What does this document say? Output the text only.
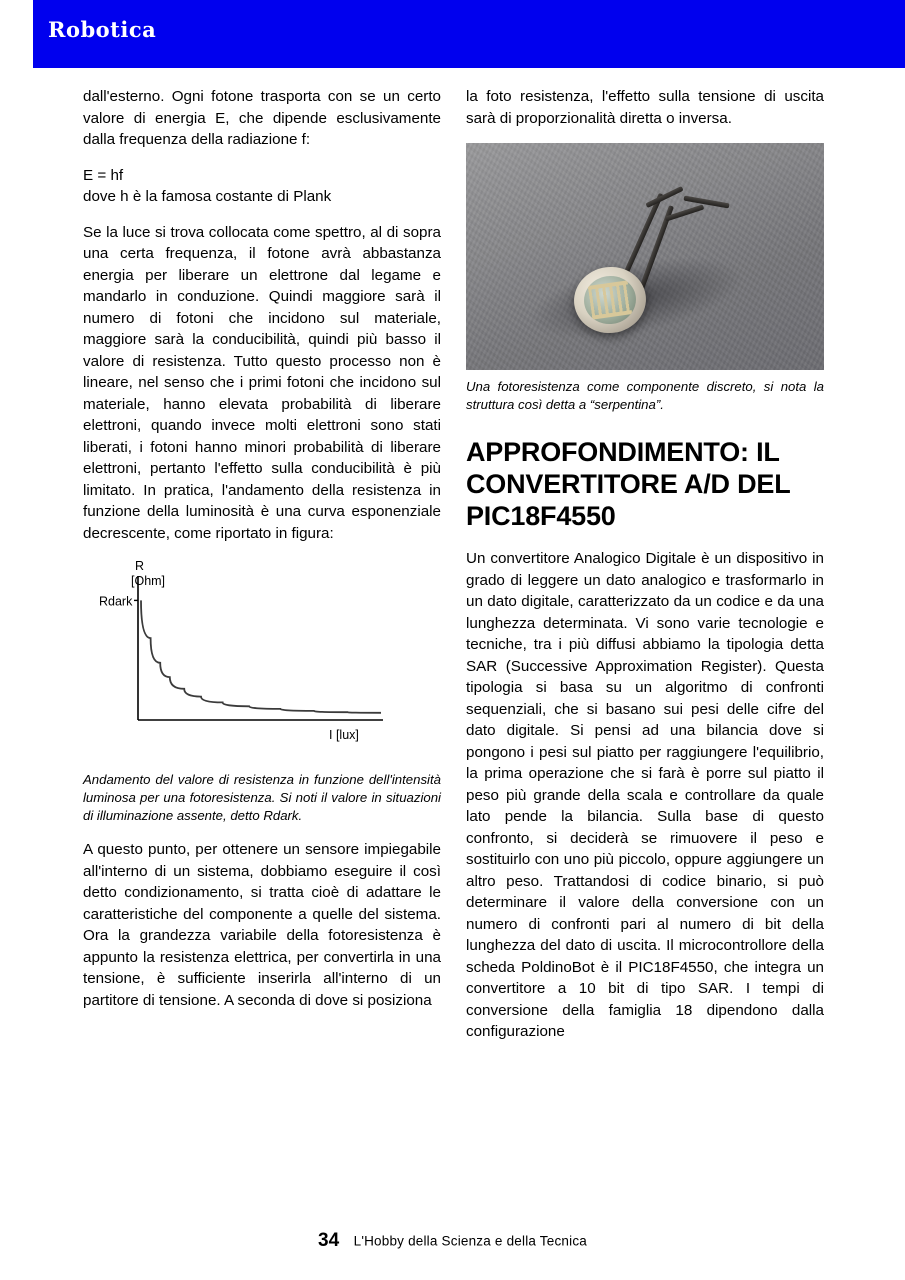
Robotica

dall'esterno. Ogni fotone trasporta con se un certo valore di energia E, che dipende esclusivamente dalla frequenza della radiazione f:

E = hf
dove h è la famosa costante di Plank

Se la luce si trova collocata come spettro, al di sopra una certa frequenza, il fotone avrà abbastanza energia per liberare un elettrone dal legame e mandarlo in conduzione. Quindi maggiore sarà il numero di fotoni che incidono sul materiale, maggiore sarà la conducibilità, quindi più basso il valore di resistenza. Tutto questo processo non è lineare, nel senso che i primi fotoni che incidono sul materiale, hanno elevata probabilità di liberare elettroni, quando invece molti elettroni sono stati liberati, i fotoni hanno minori probabilità di liberare elettroni, pertanto l'effetto sulla conducibilità è più limitato. In pratica, l'andamento della resistenza in funzione della luminosità è una curva esponenziale decrescente, come riportato in figura:

R
[Ohm]
Rdark
I [lux]

Andamento del valore di resistenza in funzione dell'intensità luminosa per una fotoresistenza. Si noti il valore in situazioni di illuminazione assente, detto Rdark.

A questo punto, per ottenere un sensore impiegabile all'interno di un sistema, dobbiamo eseguire il così detto condizionamento, si tratta cioè di adattare le caratteristiche del componente a quelle del sistema. Ora la grandezza variabile della fotoresistenza è appunto la resistenza elettrica, per convertirla in una tensione, è sufficiente inserirla all'interno di un partitore di tensione. A seconda di dove si posiziona

la foto resistenza, l'effetto sulla tensione di uscita sarà di proporzionalità diretta o inversa.

Una fotoresistenza come componente discreto, si nota la struttura così detta a “serpentina”.

APPROFONDIMENTO: IL CONVERTITORE A/D DEL PIC18F4550

Un convertitore Analogico Digitale è un dispositivo in grado di leggere un dato analogico e trasformarlo in un dato digitale, caratterizzato da un codice e da una lunghezza determinata. Vi sono varie tecnologie e tecniche, tra i più diffusi abbiamo la tipologia detta SAR (Successive Approximation Register). Questa tipologia si basa su un algoritmo di confronti sequenziali, che si basano sui pesi delle cifre del dato digitale. Si pensi ad una bilancia dove si pongono i pesi sul piatto per raggiungere l'equilibrio, la prima operazione che si farà è porre sul piatto il peso più grande della scala e controllare da quale lato pende la bilancia. Sulla base di questo confronto, si deciderà se rimuovere il peso e sostituirlo con uno più piccolo, oppure aggiungere un altro peso. Trattandosi di codice binario, si può determinare il valore della conversione con un numero di confronti pari al numero di bit della lunghezza del dato di uscita. Il microcontrollore della scheda PoldinoBot è il PIC18F4550, che integra un convertitore a 10 bit di tipo SAR. I tempi di conversione della famiglia 18 dipendono dalla configurazione

34 L'Hobby della Scienza e della Tecnica
